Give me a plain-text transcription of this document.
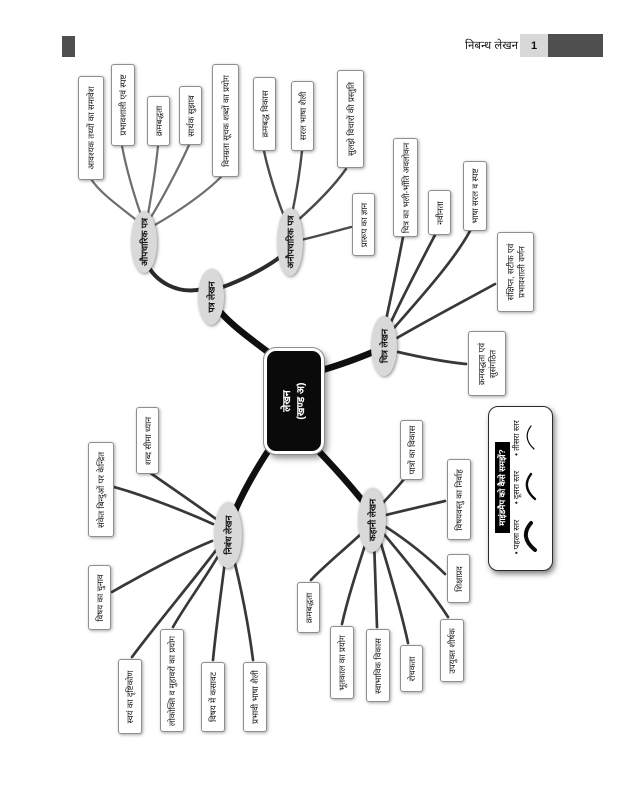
निबन्ध लेखन	1
लेखन (खण्ड अ)
पत्र लेखन
औपचारिक पत्र	अनौपचारिक पत्र
चित्र लेखन
कहानी लेखन
निबंध लेखन
आवश्यक तथ्यों का समावेश	प्रभावशाली एवं स्पष्ट	क्रमबद्धता	सार्थक सुझाव	विनम्रता सूचक शब्दों का प्रयोग	क्रमबद्ध विकास	सरल भाषा शैली	सुलझे विचारों की प्रस्तुति
प्रारूप का ज्ञान	चित्र का भली-भाँति अवलोकन	नवीनता	भाषा सरल व स्पष्ट
संक्षिप्त, सटीक एवं प्रभावशाली वर्णन
क्रमबद्धता एवं सुसंगठित
पात्रों का विकास
विषयवस्तु का निर्वाह
शिक्षाप्रद
उपयुक्त शीर्षक
रोचकता
स्वाभाविक विकास
भूतकाल का प्रयोग
क्रमबद्धता
शब्द सीमा ध्यान
संकेत बिन्दुओं पर केन्द्रित
विषय का चुनाव
स्वयं का दृष्टिकोण	लोकोक्ति व मुहावरों का प्रयोग	विषय में कसावट	प्रभावी भाषा शैली
माइंडमैप को कैसे समझें?
• पहला स्तर
• दूसरा स्तर
• तीसरा स्तर
